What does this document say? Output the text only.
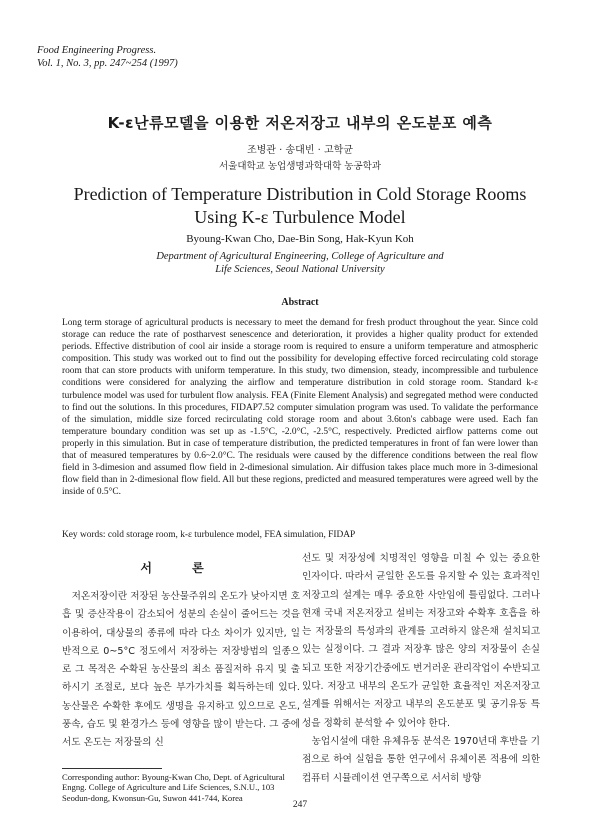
Food Engineering Progress.
Vol. 1, No. 3, pp. 247~254 (1997)
K-ε난류모델을 이용한 저온저장고 내부의 온도분포 예측
조병관 · 송대빈 · 고학균
서울대학교 농업생명과학대학 농공학과
Prediction of Temperature Distribution in Cold Storage Rooms
Using K-ε Turbulence Model
Byoung-Kwan Cho, Dae-Bin Song, Hak-Kyun Koh
Department of Agricultural Engineering, College of Agriculture and
Life Sciences, Seoul National University
Abstract

Long term storage of agricultural products is necessary to meet the demand for fresh product throughout the year. Since cold storage can reduce the rate of postharvest senescence and deterioration, it provides a higher quality product for extended periods. Effective distribution of cool air inside a storage room is required to ensure a uniform temperature and atmospheric composition. This study was worked out to find out the possibility for developing effective forced recirculating cold storage room that can store products with uniform temperature. In this study, two dimension, steady, incompressible and turbulence conditions were considered for analyzing the airflow and temperature distribution in cold storage room. Standard k-ε turbulence model was used for turbulent flow analysis. FEA (Finite Element Analysis) and segregated method were conducted to find out the solutions. In this procedures, FIDAP7.52 computer simulation program was used. To validate the performance of the simulation, middle size forced recirculating cold storage room and about 3.6ton's cabbage were used. Each fan temperature boundary condition was set up as -1.5°C, -2.0°C, -2.5°C, respectively. Predicted airflow patterns come out properly in this simulation. But in case of temperature distribution, the predicted temperatures in front of fan were lower than that of measured temperatures by 0.6~2.0°C. The residuals were caused by the difference conditions between the real flow field in 3-dimesion and assumed flow field in 2-dimesional simulation. Air diffusion takes place much more in 3-dimesional flow field than in 2-dimesional flow field. All but these regions, predicted and measured temperatures were agreed well by the inside of 0.5°C.

Key words: cold storage room, k-ε turbulence model, FEA simulation, FIDAP
서 론

저온저장이란 저장된 농산물주위의 온도가 낮아지면 호흡 및 증산작용이 감소되어 성분의 손실이 줄어드는 것을 이용하여, 대상물의 종류에 따라 다소 차이가 있지만, 일반적으로 0~5°C 정도에서 저장하는 저장방법의 일종으로 그 목적은 수확된 농산물의 최소 품질저하 유지 및 출하시기 조절로, 보다 높은 부가가치를 획득하는데 있다. 농산물은 수확한 후에도 생명을 유지하고 있으므로 온도, 풍속, 습도 및 환경가스 등에 영향을 많이 받는다. 그 중에서도 온도는 저장물의 신

선도 및 저장성에 치명적인 영향을 미칠 수 있는 중요한 인자이다. 따라서 균일한 온도를 유지할 수 있는 효과적인 저장고의 설계는 매우 중요한 사안임에 틀림없다. 그러나 현재 국내 저온저장고 설비는 저장고와 수확후 호흡을 하는 저장물의 특성과의 관계를 고려하지 않은채 설치되고 있는 실정이다. 그 결과 저장후 많은 양의 저장물이 손실되고 또한 저장기간중에도 번거러운 관리작업이 수반되고 있다. 저장고 내부의 온도가 균일한 효율적인 저온저장고 설계를 위해서는 저장고 내부의 온도분포 및 공기유동 특성을 정확히 분석할 수 있어야 한다.

농업시설에 대한 유체유동 분석은 1970년대 후반을 기점으로 하여 실험을 통한 연구에서 유체이론 적용에 의한 컴퓨터 시뮬레이션 연구쪽으로 서서히 방향

Corresponding author: Byoung-Kwan Cho, Dept. of Agricultural Engng. College of Agriculture and Life Sciences, S.N.U., 103 Seodun-dong, Kwonsun-Gu, Suwon 441-744, Korea

247
